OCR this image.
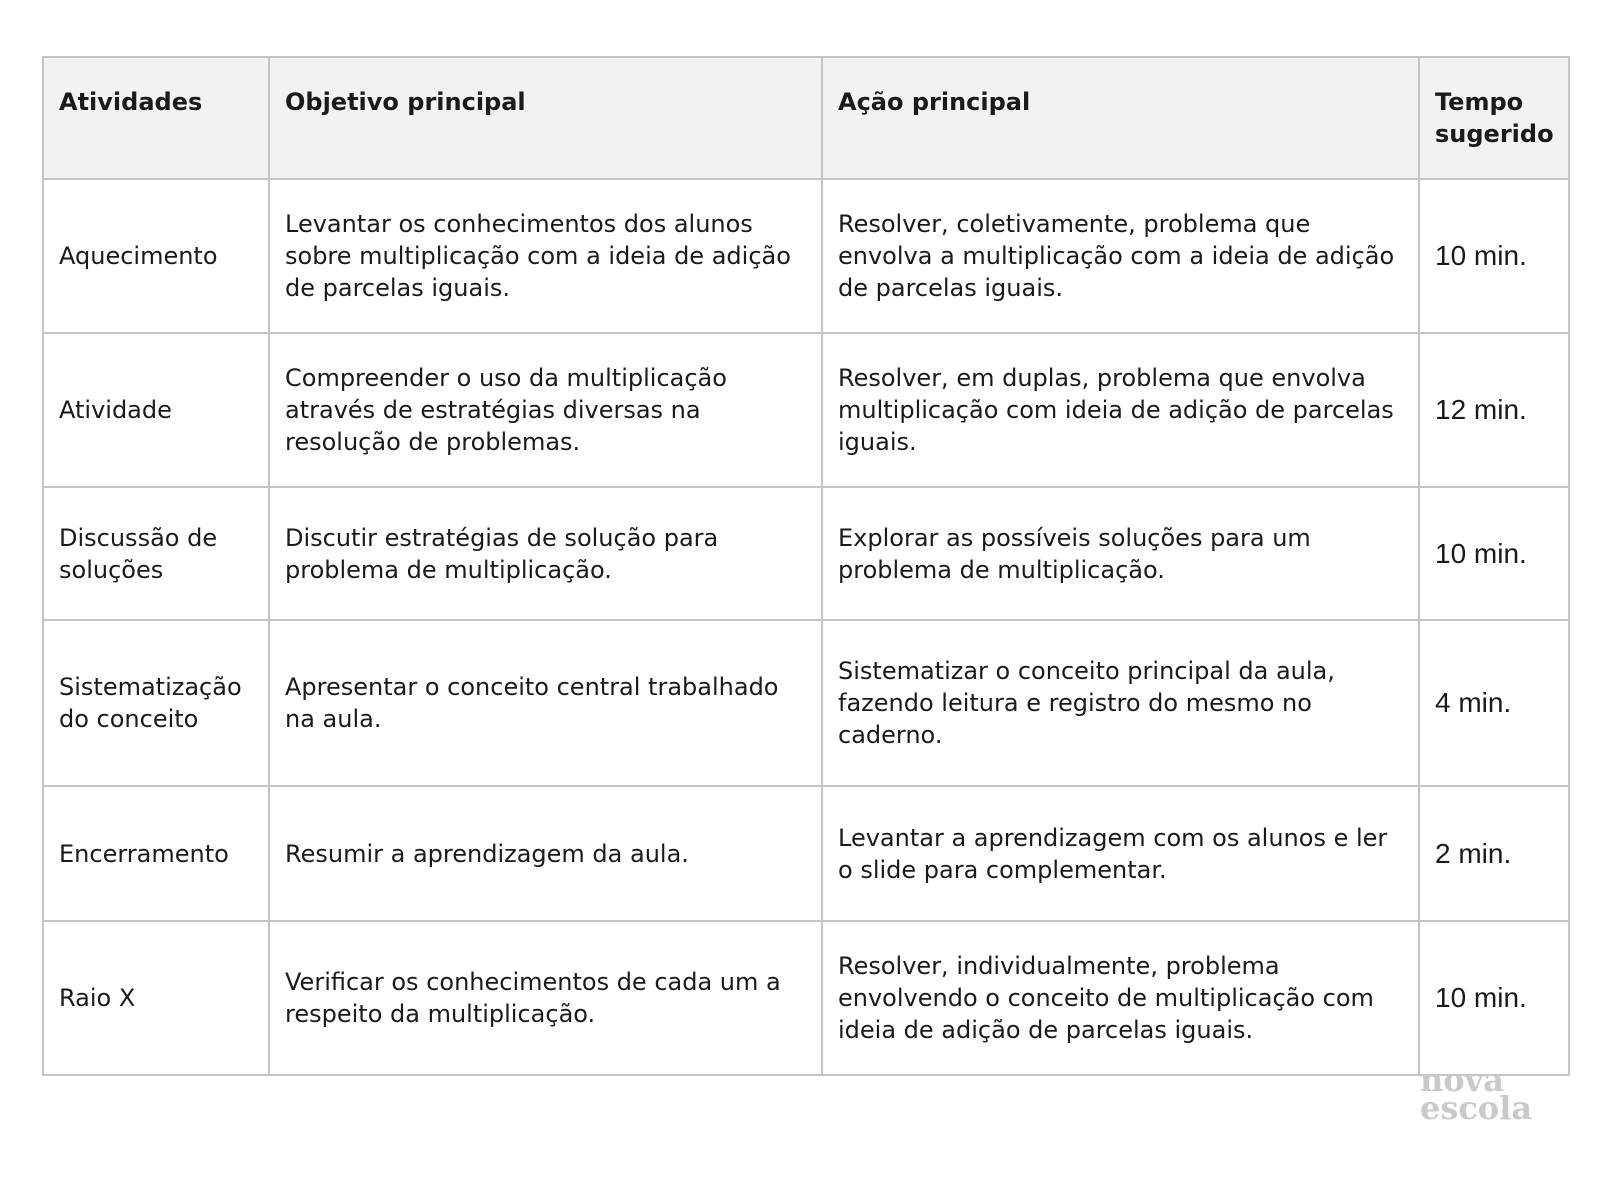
Atividades	Objetivo principal	Ação principal	Tempo sugerido
Aquecimento	Levantar os conhecimentos dos alunos sobre multiplicação com a ideia de adição de parcelas iguais.	Resolver, coletivamente, problema que envolva a multiplicação com a ideia de adição de parcelas iguais.	10 min.
Atividade	Compreender o uso da multiplicação através de estratégias diversas na resolução de problemas.	Resolver, em duplas, problema que envolva multiplicação com ideia de adição de parcelas iguais.	12 min.
Discussão de soluções	Discutir estratégias de solução para problema de multiplicação.	Explorar as possíveis soluções para um problema de multiplicação.	10 min.
Sistematização do conceito	Apresentar o conceito central trabalhado na aula.	Sistematizar o conceito principal da aula, fazendo leitura e registro do mesmo no caderno.	4 min.
Encerramento	Resumir a aprendizagem da aula.	Levantar a aprendizagem com os alunos e ler o slide para complementar.	2 min.
Raio X	Verificar os conhecimentos de cada um a respeito da multiplicação.	Resolver, individualmente, problema envolvendo o conceito de multiplicação com ideia de adição de parcelas iguais.	10 min.
nova
escola
